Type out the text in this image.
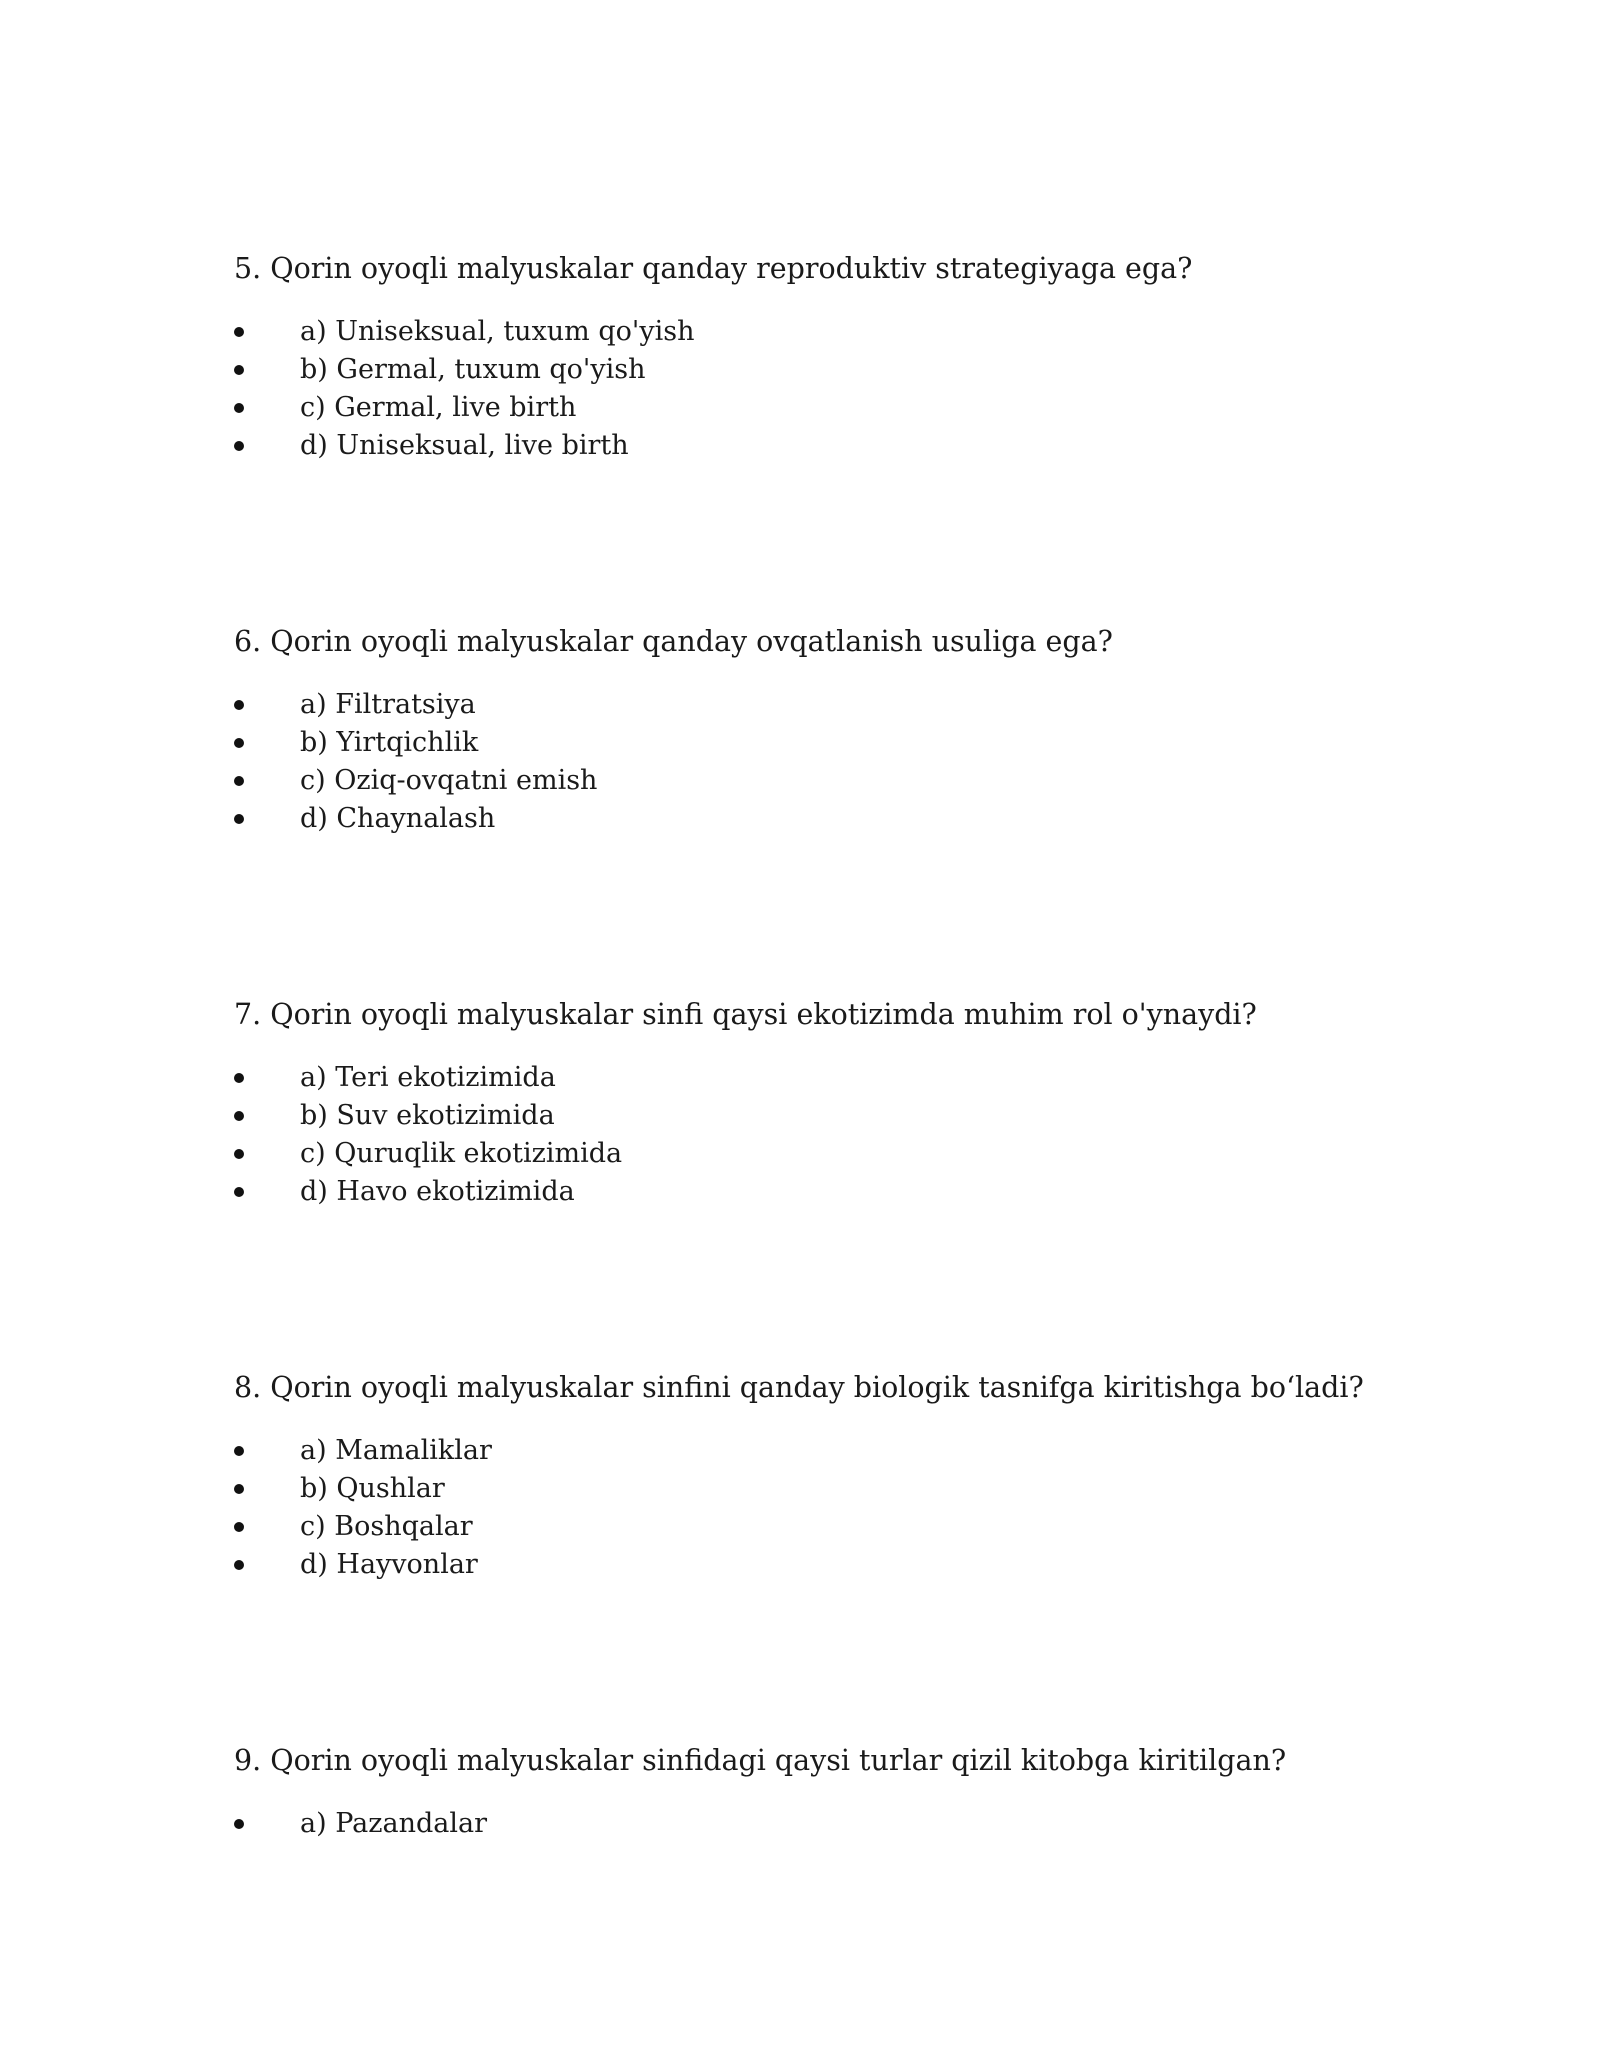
5. Qorin oyoqli malyuskalar qanday reproduktiv strategiyaga ega?
a) Uniseksual, tuxum qo'yish
b) Germal, tuxum qo'yish
c) Germal, live birth
d) Uniseksual, live birth
6. Qorin oyoqli malyuskalar qanday ovqatlanish usuliga ega?
a) Filtratsiya
b) Yirtqichlik
c) Oziq-ovqatni emish
d) Chaynalash
7. Qorin oyoqli malyuskalar sinfi qaysi ekotizimda muhim rol o'ynaydi?
a) Teri ekotizimida
b) Suv ekotizimida
c) Quruqlik ekotizimida
d) Havo ekotizimida
8. Qorin oyoqli malyuskalar sinfini qanday biologik tasnifga kiritishga bo‘ladi?
a) Mamaliklar
b) Qushlar
c) Boshqalar
d) Hayvonlar
9. Qorin oyoqli malyuskalar sinfidagi qaysi turlar qizil kitobga kiritilgan?
a) Pazandalar
